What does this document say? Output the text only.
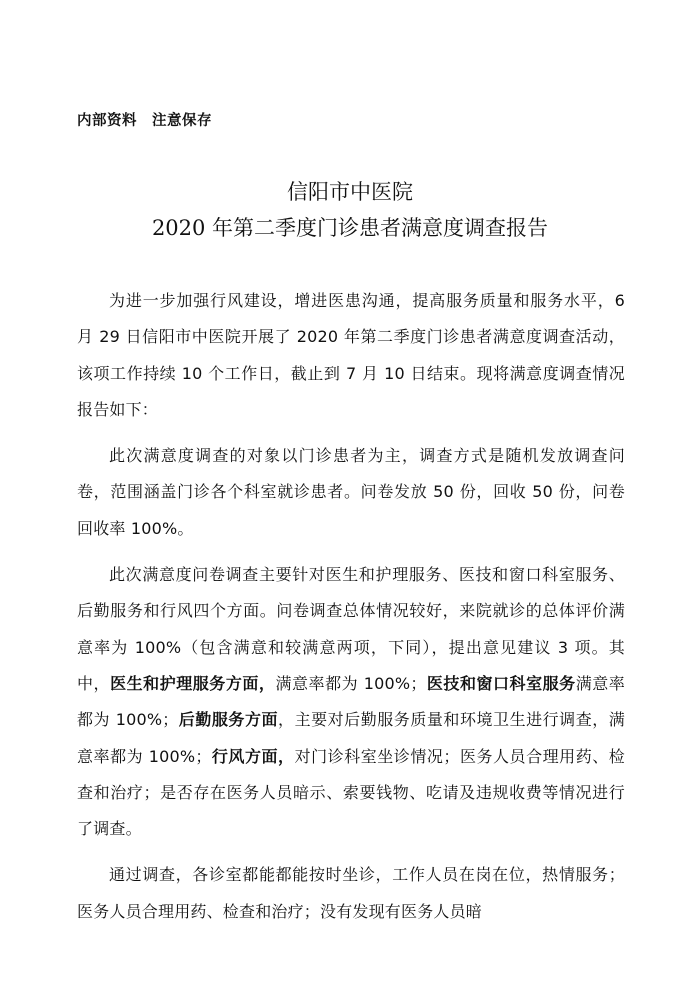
内部资料　注意保存

信阳市中医院
2020 年第二季度门诊患者满意度调查报告

为进一步加强行风建设，增进医患沟通，提高服务质量和服务水平，6 月 29 日信阳市中医院开展了 2020 年第二季度门诊患者满意度调查活动，该项工作持续 10 个工作日，截止到 7 月 10 日结束。现将满意度调查情况报告如下：

此次满意度调查的对象以门诊患者为主，调查方式是随机发放调查问卷，范围涵盖门诊各个科室就诊患者。问卷发放 50 份，回收 50 份，问卷回收率 100%。

此次满意度问卷调查主要针对医生和护理服务、医技和窗口科室服务、后勤服务和行风四个方面。问卷调查总体情况较好，来院就诊的总体评价满意率为 100%（包含满意和较满意两项，下同），提出意见建议 3 项。其中，医生和护理服务方面，满意率都为 100%；医技和窗口科室服务满意率都为 100%；后勤服务方面，主要对后勤服务质量和环境卫生进行调查，满意率都为 100%；行风方面，对门诊科室坐诊情况；医务人员合理用药、检查和治疗；是否存在医务人员暗示、索要钱物、吃请及违规收费等情况进行了调查。

通过调查，各诊室都能都能按时坐诊，工作人员在岗在位，热情服务；医务人员合理用药、检查和治疗；没有发现有医务人员暗
